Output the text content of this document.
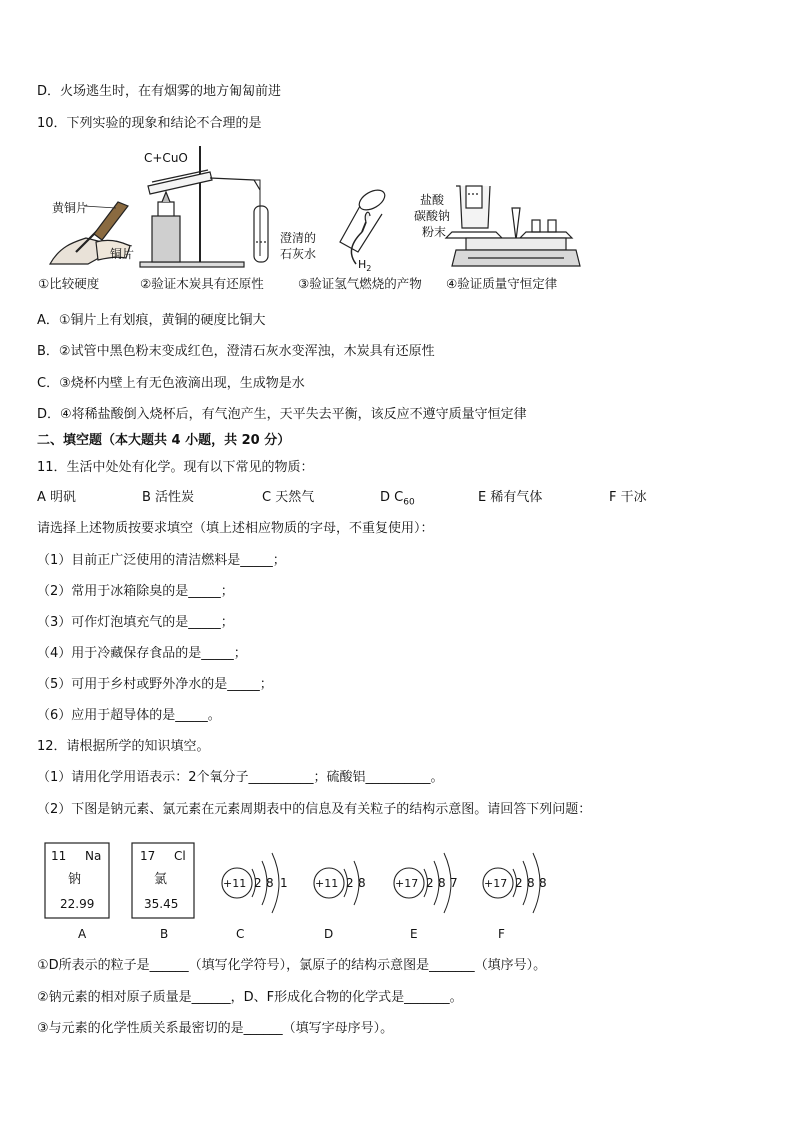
D．火场逃生时，在有烟雾的地方匍匐前进
10．下列实验的现象和结论不合理的是
黄铜片
铜片
C+CuO
澄清的
石灰水
$H_2$
盐酸
碳酸钠
粉末
①比较硬度	②验证木炭具有还原性	③验证氢气燃烧的产物 ④验证质量守恒定律
A．①铜片上有划痕，黄铜的硬度比铜大
B．②试管中黑色粉末变成红色，澄清石灰水变浑浊，木炭具有还原性
C．③烧杯内壁上有无色液滴出现，生成物是水
D．④将稀盐酸倒入烧杯后，有气泡产生，天平失去平衡，该反应不遵守质量守恒定律
二、填空题（本大题共 4 小题，共 20 分）
11．生活中处处有化学。现有以下常见的物质：
A 明矾	B 活性炭	C 天然气	D $C_{60}$	E 稀有气体	F 干冰
请选择上述物质按要求填空（填上述相应物质的字母，不重复使用）：
（1）目前正广泛使用的清洁燃料是_____；
（2）常用于冰箱除臭的是_____；
（3）可作灯泡填充气的是_____；
（4）用于冷藏保存食品的是_____；
（5）可用于乡村或野外净水的是_____；
（6）应用于超导体的是_____。
12．请根据所学的知识填空。
（1）请用化学用语表示：2个氧分子__________；硫酸铝__________。
（2）下图是钠元素、氯元素在元素周期表中的信息及有关粒子的结构示意图。请回答下列问题：
11 Na
钠
22.99
A
17 Cl
氯
35.45
B
+11 2 8 1
C
+11 2 8
D
+17 2 8 7
E
+17 2 8 8
F
①D所表示的粒子是______（填写化学符号），氯原子的结构示意图是_______（填序号）。
②钠元素的相对原子质量是______，D、F形成化合物的化学式是_______。
③与元素的化学性质关系最密切的是______（填写字母序号）。
